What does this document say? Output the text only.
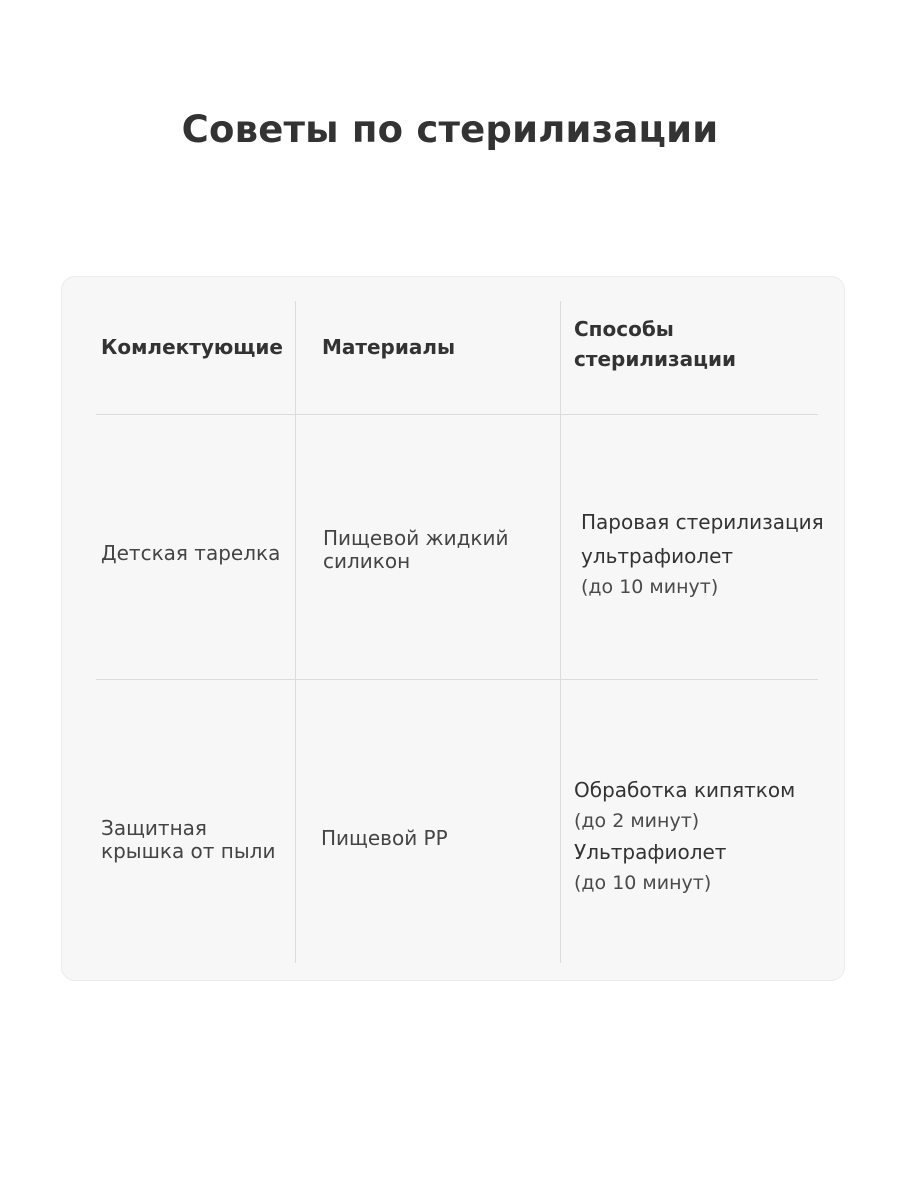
Советы по стерилизации
Комлектующие Материалы
Способы
стерилизации
Детская тарелка
Пищевой жидкий
силикон
Паровая стерилизация
ультрафиолет
(до 10 минут)
Защитная
крышка от пыли
Пищевой PP
Обработка кипятком
(до 2 минут)
Ультрафиолет
(до 10 минут)
